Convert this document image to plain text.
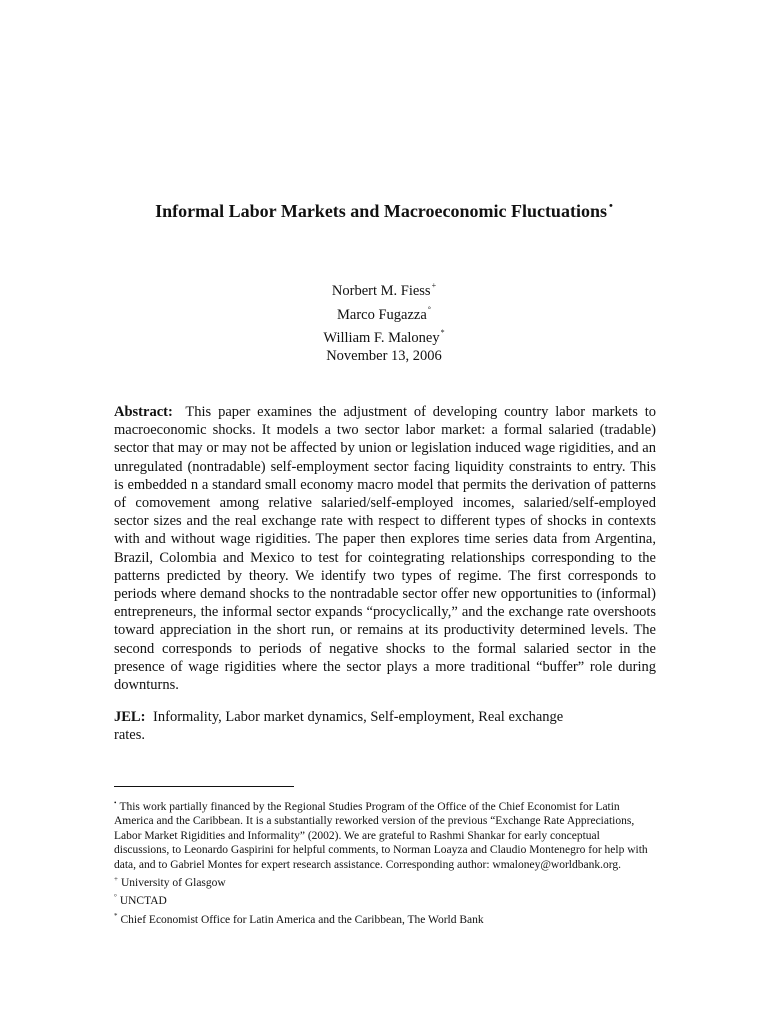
Informal Labor Markets and Macroeconomic Fluctuations •
Norbert M. Fiess+
Marco Fugazza°
William F. Maloney*
November 13, 2006
Abstract: This paper examines the adjustment of developing country labor markets to macroeconomic shocks. It models a two sector labor market: a formal salaried (tradable) sector that may or may not be affected by union or legislation induced wage rigidities, and an unregulated (nontradable) self-employment sector facing liquidity constraints to entry. This is embedded n a standard small economy macro model that permits the derivation of patterns of comovement among relative salaried/self-employed incomes, salaried/self-employed sector sizes and the real exchange rate with respect to different types of shocks in contexts with and without wage rigidities. The paper then explores time series data from Argentina, Brazil, Colombia and Mexico to test for cointegrating relationships corresponding to the patterns predicted by theory. We identify two types of regime. The first corresponds to periods where demand shocks to the nontradable sector offer new opportunities to (informal) entrepreneurs, the informal sector expands “procyclically,” and the exchange rate overshoots toward appreciation in the short run, or remains at its productivity determined levels. The second corresponds to periods of negative shocks to the formal salaried sector in the presence of wage rigidities where the sector plays a more traditional “buffer” role during downturns.
JEL: Informality, Labor market dynamics, Self-employment, Real exchange rates.

• This work partially financed by the Regional Studies Program of the Office of the Chief Economist for Latin America and the Caribbean. It is a substantially reworked version of the previous “Exchange Rate Appreciations, Labor Market Rigidities and Informality” (2002). We are grateful to Rashmi Shankar for early conceptual discussions, to Leonardo Gaspirini for helpful comments, to Norman Loayza and Claudio Montenegro for help with data, and to Gabriel Montes for expert research assistance. Corresponding author: wmaloney@worldbank.org.

+ University of Glasgow

° UNCTAD

* Chief Economist Office for Latin America and the Caribbean, The World Bank
